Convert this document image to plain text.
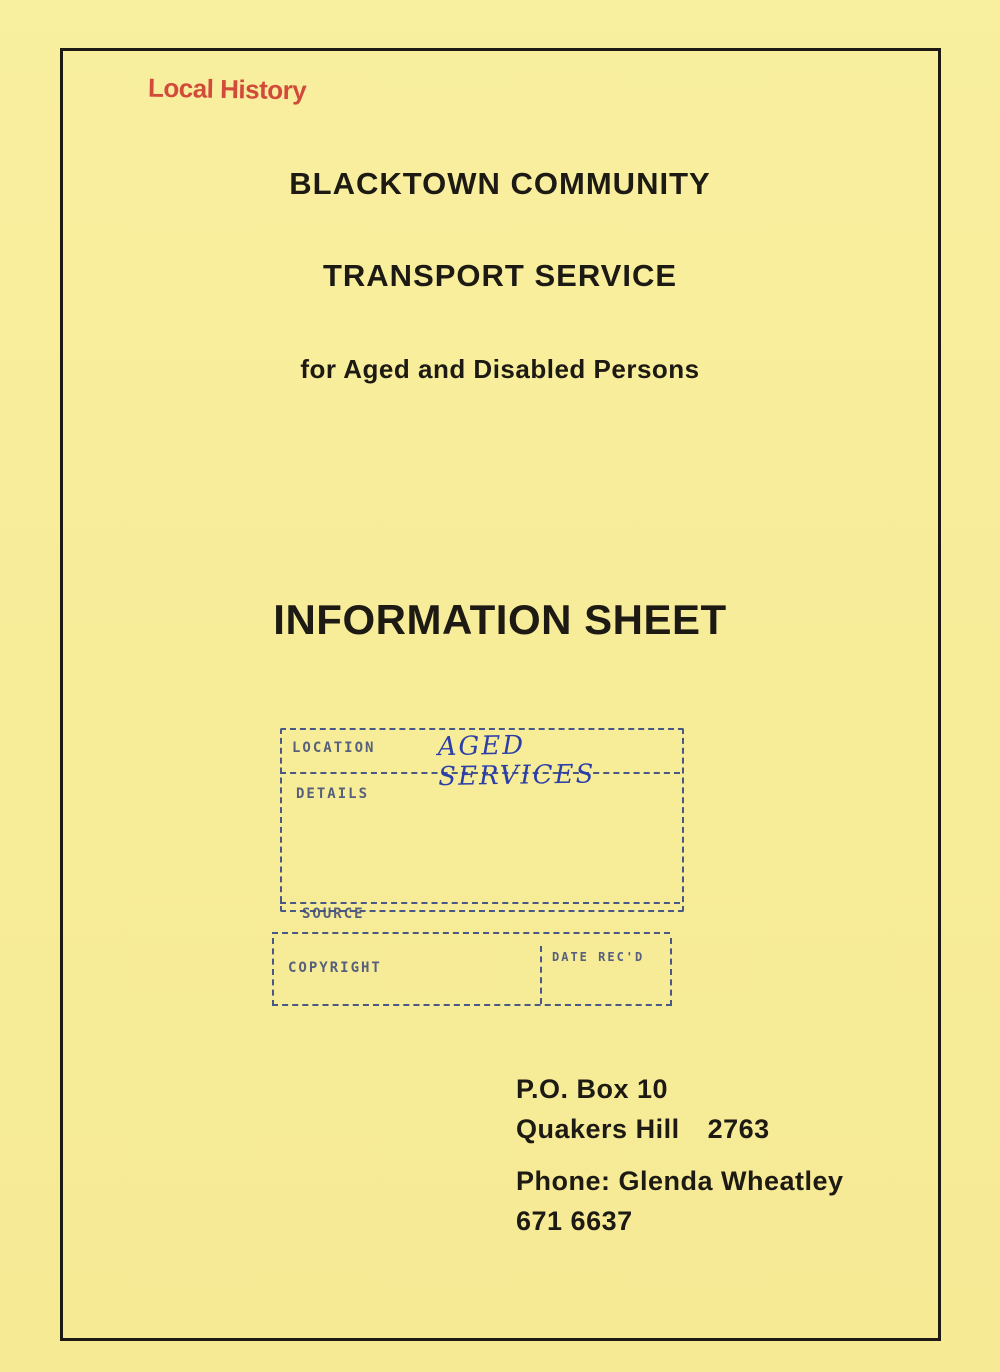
Local History
BLACKTOWN COMMUNITY
TRANSPORT SERVICE
for Aged and Disabled Persons
INFORMATION SHEET
LOCATION AGED SERVICES
DETAILS
SOURCE
COPYRIGHT
DATE REC'D
P.O. Box 10
Quakers Hill 2763
Phone: Glenda Wheatley
671 6637
